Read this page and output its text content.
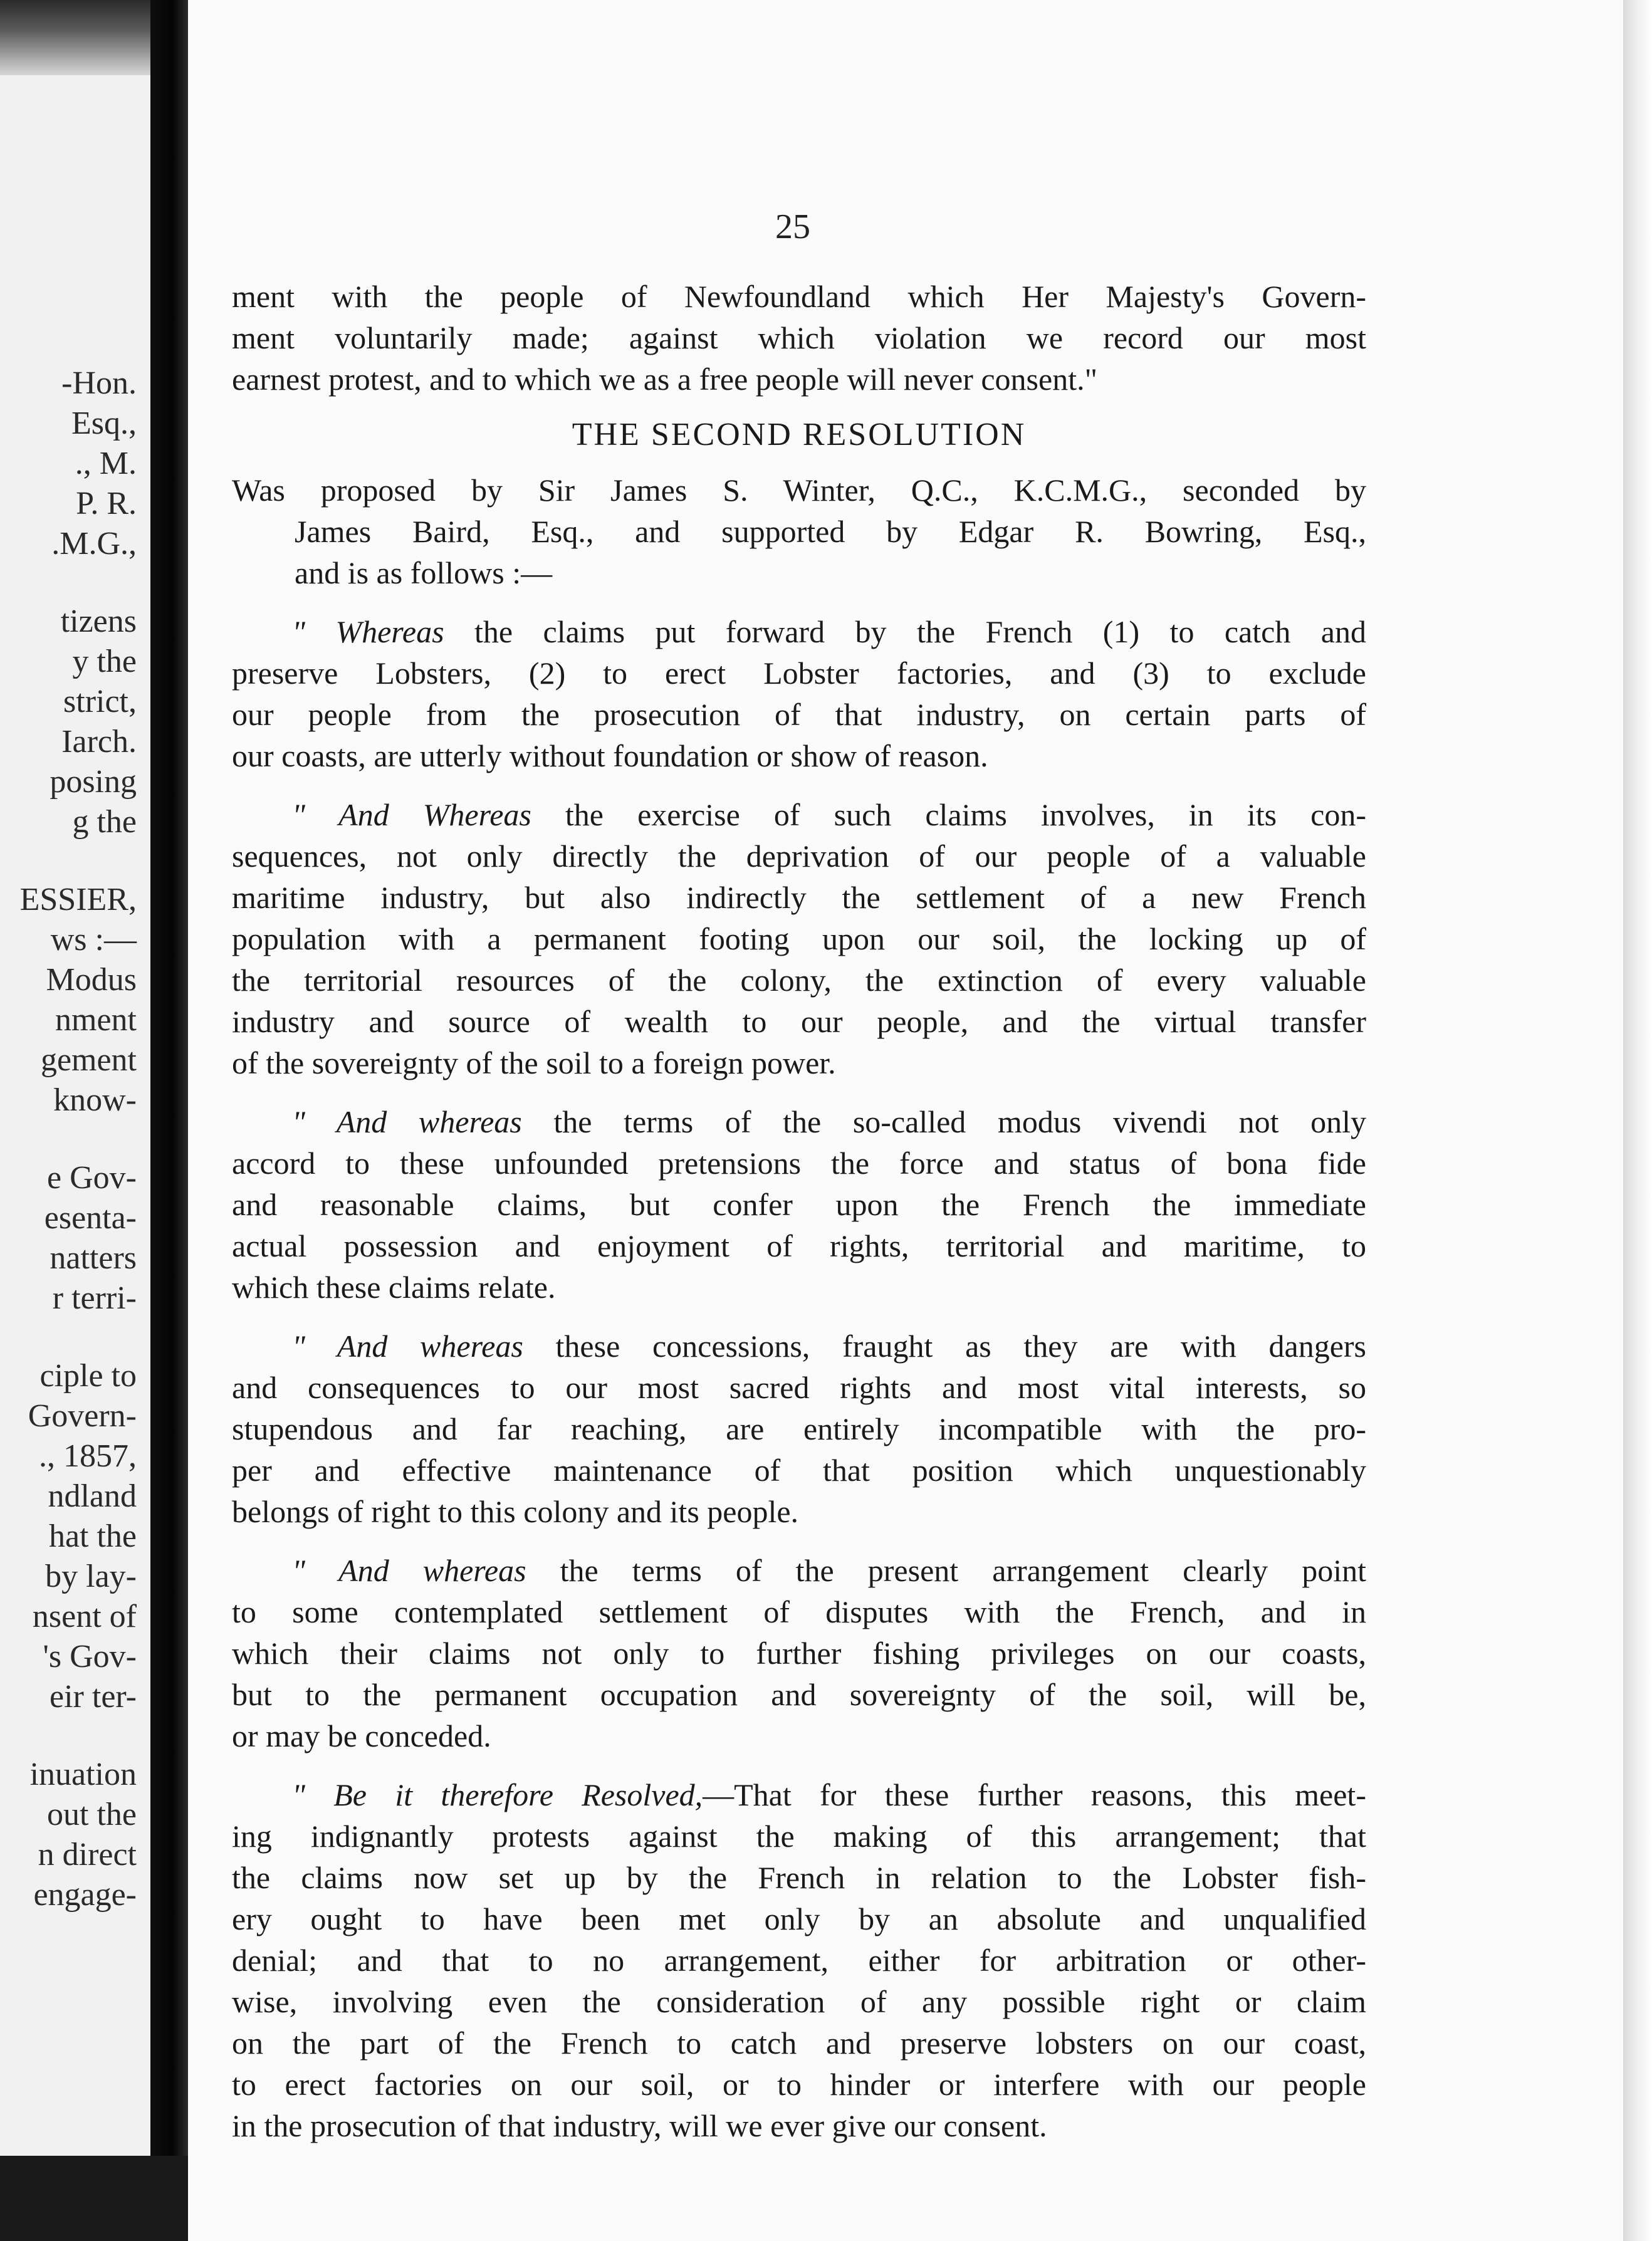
-Hon.
Esq.,
., M.
P. R.
.M.G.,
tizens
y the
strict,
Iarch.
posing
g the
ESSIER,
ws :—
Modus
nment
gement
know-
e Gov-
esenta-
natters
r terri-
ciple to
Govern-
., 1857,
ndland
hat the
by lay-
nsent of
's Gov-
eir ter-
inuation
out the
n direct
engage-
25
ment with the people of Newfoundland which Her Majesty's Govern-
ment voluntarily made; against which violation we record our most
earnest protest, and to which we as a free people will never consent."
THE SECOND RESOLUTION
Was proposed by Sir James S. Winter, Q.C., K.C.M.G., seconded by
James Baird, Esq., and supported by Edgar R. Bowring, Esq.,
and is as follows :—
" Whereas the claims put forward by the French (1) to catch and
preserve Lobsters, (2) to erect Lobster factories, and (3) to exclude
our people from the prosecution of that industry, on certain parts of
our coasts, are utterly without foundation or show of reason.
" And Whereas the exercise of such claims involves, in its con-
sequences, not only directly the deprivation of our people of a valuable
maritime industry, but also indirectly the settlement of a new French
population with a permanent footing upon our soil, the locking up of
the territorial resources of the colony, the extinction of every valuable
industry and source of wealth to our people, and the virtual transfer
of the sovereignty of the soil to a foreign power.
" And whereas the terms of the so-called modus vivendi not only
accord to these unfounded pretensions the force and status of bona fide
and reasonable claims, but confer upon the French the immediate
actual possession and enjoyment of rights, territorial and maritime, to
which these claims relate.
" And whereas these concessions, fraught as they are with dangers
and consequences to our most sacred rights and most vital interests, so
stupendous and far reaching, are entirely incompatible with the pro-
per and effective maintenance of that position which unquestionably
belongs of right to this colony and its people.
" And whereas the terms of the present arrangement clearly point
to some contemplated settlement of disputes with the French, and in
which their claims not only to further fishing privileges on our coasts,
but to the permanent occupation and sovereignty of the soil, will be,
or may be conceded.
" Be it therefore Resolved,—That for these further reasons, this meet-
ing indignantly protests against the making of this arrangement; that
the claims now set up by the French in relation to the Lobster fish-
ery ought to have been met only by an absolute and unqualified
denial; and that to no arrangement, either for arbitration or other-
wise, involving even the consideration of any possible right or claim
on the part of the French to catch and preserve lobsters on our coast,
to erect factories on our soil, or to hinder or interfere with our people
in the prosecution of that industry, will we ever give our consent.
